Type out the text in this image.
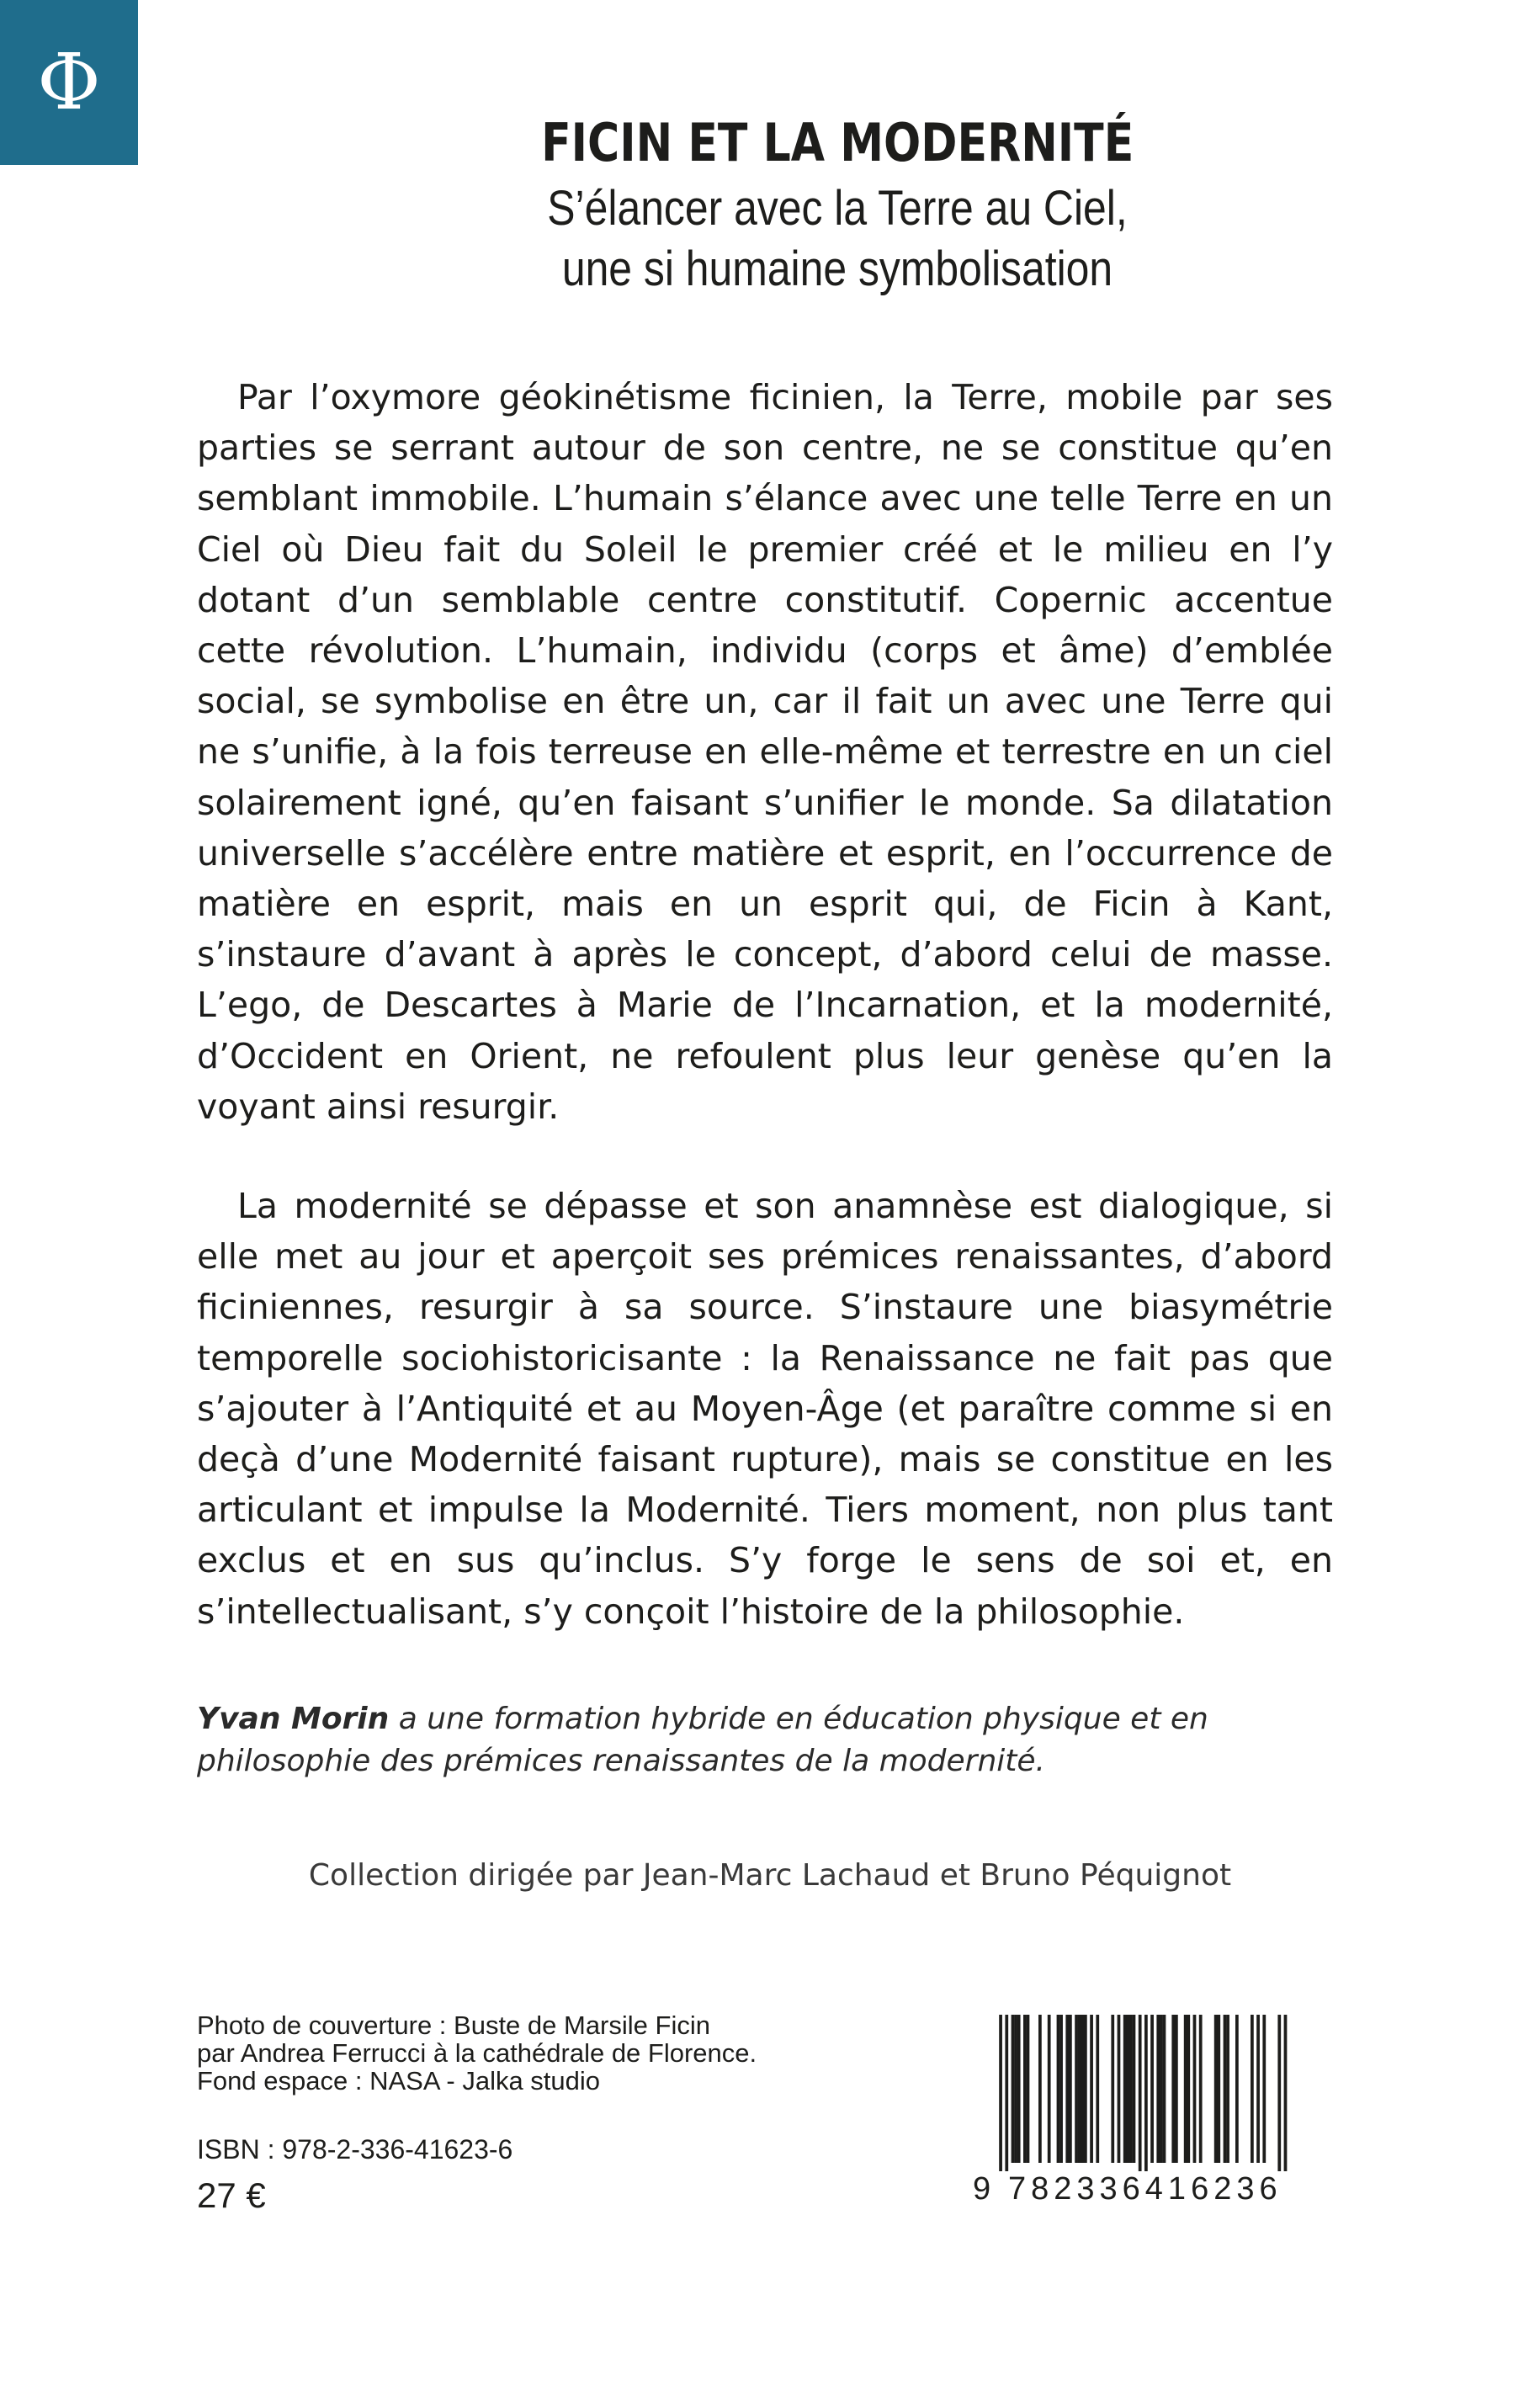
Φ
FICIN ET LA MODERNITÉ
S’élancer avec la Terre au Ciel,
une si humaine symbolisation

Par l’oxymore géokinétisme ficinien, la Terre, mobile par ses parties se serrant autour de son centre, ne se constitue qu’en semblant immobile. L’humain s’élance avec une telle Terre en un Ciel où Dieu fait du Soleil le premier créé et le milieu en l’y dotant d’un semblable centre constitutif. Copernic accentue cette révolution. L’humain, individu (corps et âme) d’emblée social, se symbolise en être un, car il fait un avec une Terre qui ne s’unifie, à la fois terreuse en elle-même et terrestre en un ciel solairement igné, qu’en faisant s’unifier le monde. Sa dilatation universelle s’accélère entre matière et esprit, en l’occurrence de matière en esprit, mais en un esprit qui, de Ficin à Kant, s’instaure d’avant à après le concept, d’abord celui de masse. L’ego, de Descartes à Marie de l’Incarnation, et la modernité, d’Occident en Orient, ne refoulent plus leur genèse qu’en la voyant ainsi resurgir.

La modernité se dépasse et son anamnèse est dialogique, si elle met au jour et aperçoit ses prémices renaissantes, d’abord ficiniennes, resurgir à sa source. S’instaure une biasymétrie temporelle sociohistoricisante : la Renaissance ne fait pas que s’ajouter à l’Antiquité et au Moyen-Âge (et paraître comme si en deçà d’une Modernité faisant rupture), mais se constitue en les articulant et impulse la Modernité. Tiers moment, non plus tant exclus et en sus qu’inclus. S’y forge le sens de soi et, en s’intellectualisant, s’y conçoit l’histoire de la philosophie.

Yvan Morin a une formation hybride en éducation physique et en philosophie des prémices renaissantes de la modernité.
Collection dirigée par Jean-Marc Lachaud et Bruno Péquignot
Photo de couverture : Buste de Marsile Ficin
par Andrea Ferrucci à la cathédrale de Florence.
Fond espace : NASA - Jalka studio
ISBN : 978-2-336-41623-6
27 €	9 782336416236
